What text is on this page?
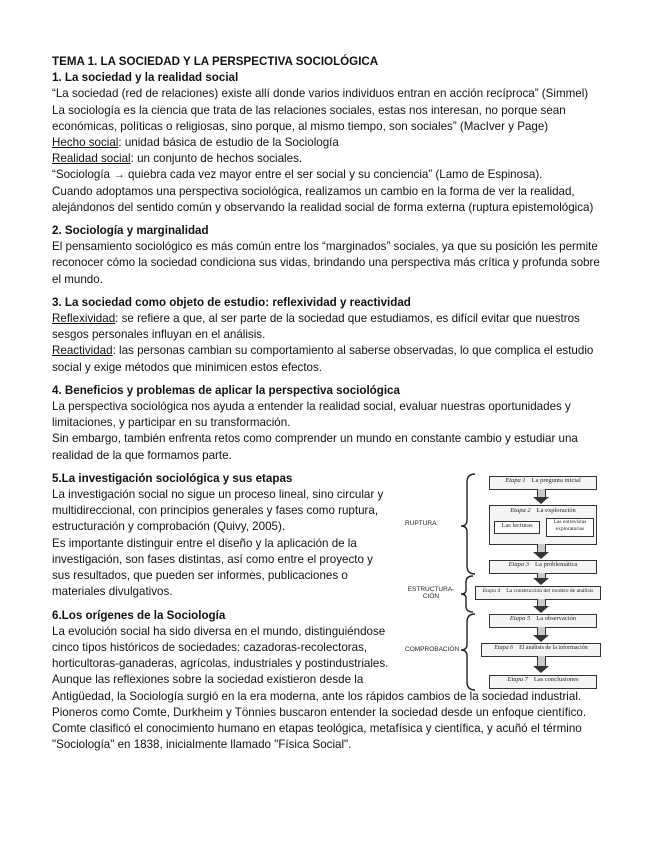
TEMA 1. LA SOCIEDAD Y LA PERSPECTIVA SOCIOLÓGICA

1. La sociedad y la realidad social

“La sociedad (red de relaciones) existe allí donde varios individuos entran en acción recíproca” (Simmel)

La sociología es la ciencia que trata de las relaciones sociales, estas nos interesan, no porque sean económicas, políticas o religiosas, sino porque, al mismo tiempo, son sociales” (MacIver y Page)

Hecho social: unidad básica de estudio de la Sociología

Realidad social: un conjunto de hechos sociales.

“Sociología → quiebra cada vez mayor entre el ser social y su conciencia” (Lamo de Espinosa).

Cuando adoptamos una perspectiva sociológica, realizamos un cambio en la forma de ver la realidad, alejándonos del sentido común y observando la realidad social de forma externa (ruptura epistemológica)

2. Sociología y marginalidad

El pensamiento sociológico es más común entre los “marginados” sociales, ya que su posición les permite reconocer cómo la sociedad condiciona sus vidas, brindando una perspectiva más crítica y profunda sobre el mundo.

3. La sociedad como objeto de estudio: reflexividad y reactividad

Reflexividad: se refiere a que, al ser parte de la sociedad que estudiamos, es difícil evitar que nuestros sesgos personales influyan en el análisis.

Reactividad: las personas cambian su comportamiento al saberse observadas, lo que complica el estudio social y exige métodos que minimicen estos efectos.

4. Beneficios y problemas de aplicar la perspectiva sociológica

La perspectiva sociológica nos ayuda a entender la realidad social, evaluar nuestras oportunidades y limitaciones, y participar en su transformación.

Sin embargo, también enfrenta retos como comprender un mundo en constante cambio y estudiar una realidad de la que formamos parte.

5.La investigación sociológica y sus etapas

La investigación social no sigue un proceso lineal, sino circular y multidireccional, con principios generales y fases como ruptura, estructuración y comprobación (Quivy, 2005).

Es importante distinguir entre el diseño y la aplicación de la investigación, son fases distintas, así como entre el proyecto y sus resultados, que pueden ser informes, publicaciones o materiales divulgativos.

6.Los orígenes de la Sociología

La evolución social ha sido diversa en el mundo, distinguiéndose cinco tipos históricos de sociedades: cazadoras-recolectoras, horticultoras-ganaderas, agrícolas, industriales y postindustriales.

Aunque las reflexiones sobre la sociedad existieron desde la

Antigüedad, la Sociología surgió en la era moderna, ante los rápidos cambios de la sociedad industrial. Pioneros como Comte, Durkheim y Tönnies buscaron entender la sociedad desde un enfoque científico. Comte clasificó el conocimiento humano en etapas teológica, metafísica y científica, y acuñó el término "Sociología" en 1838, inicialmente llamado "Física Social".

RUPTURA
ESTRUCTURA-CIÓN
COMPROBACIÓN
Etapa 1 La pregunta inicial
Etapa 2 La exploración
Las lecturas	Las entrevistas exploratorias
Etapa 3 La problemática
Etapa 4 La construcción del modelo de análisis
Etapa 5 La observación
Etapa 6 El análisis de la información
Etapa 7 Las conclusiones
